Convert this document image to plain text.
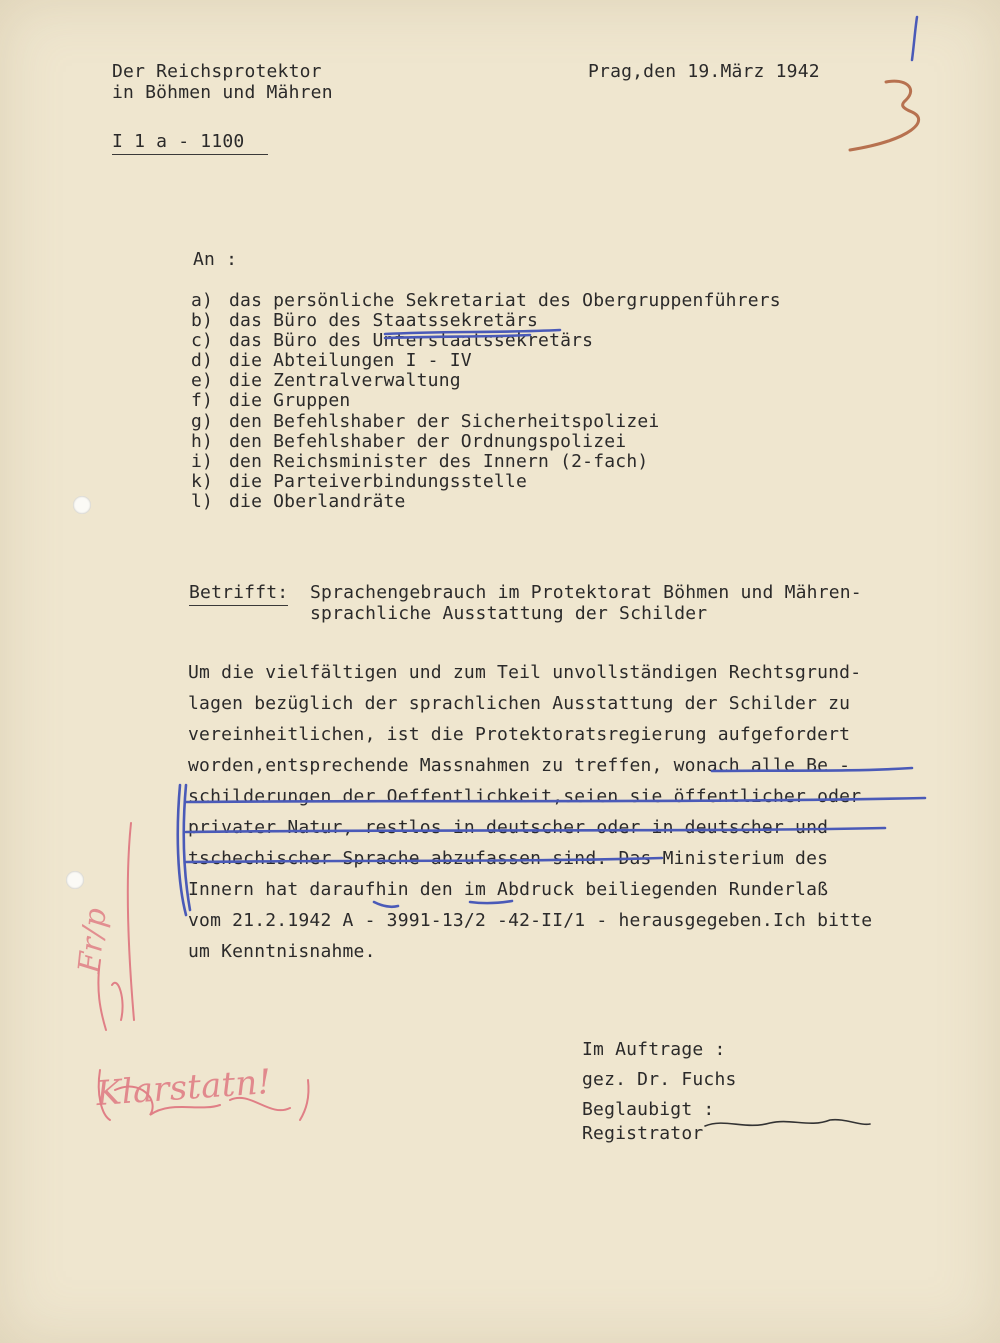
Der Reichsprotektor
in Böhmen und Mähren
Prag,den 19.März 1942
I 1 a - 1100
An :
a) das persönliche Sekretariat des Obergruppenführers
b) das Büro des Staatssekretärs
c) das Büro des Unterstaatssekretärs
d) die Abteilungen I - IV
e) die Zentralverwaltung
f) die Gruppen
g) den Befehlshaber der Sicherheitspolizei
h) den Befehlshaber der Ordnungspolizei
i) den Reichsminister des Innern (2-fach)
k) die Parteiverbindungsstelle
l) die Oberlandräte
Betrifft: Sprachengebrauch im Protektorat Böhmen und Mähren-
sprachliche Ausstattung der Schilder
Um die vielfältigen und zum Teil unvollständigen Rechtsgrund-
lagen bezüglich der sprachlichen Ausstattung der Schilder zu
vereinheitlichen, ist die Protektoratsregierung aufgefordert
worden,entsprechende Massnahmen zu treffen, wonach alle Be -
schilderungen der Oeffentlichkeit,seien sie öffentlicher oder
privater Natur, restlos in deutscher oder in deutscher und
tschechischer Sprache abzufassen sind. Das Ministerium des
Innern hat daraufhin den im Abdruck beiliegenden Runderlaß
vom 21.2.1942 A - 3991-13/2 -42-II/1 - herausgegeben.Ich bitte
um Kenntnisnahme.
Im Auftrage :
gez. Dr. Fuchs
Beglaubigt :
Registrator
Fr/p
Klarstatn!
